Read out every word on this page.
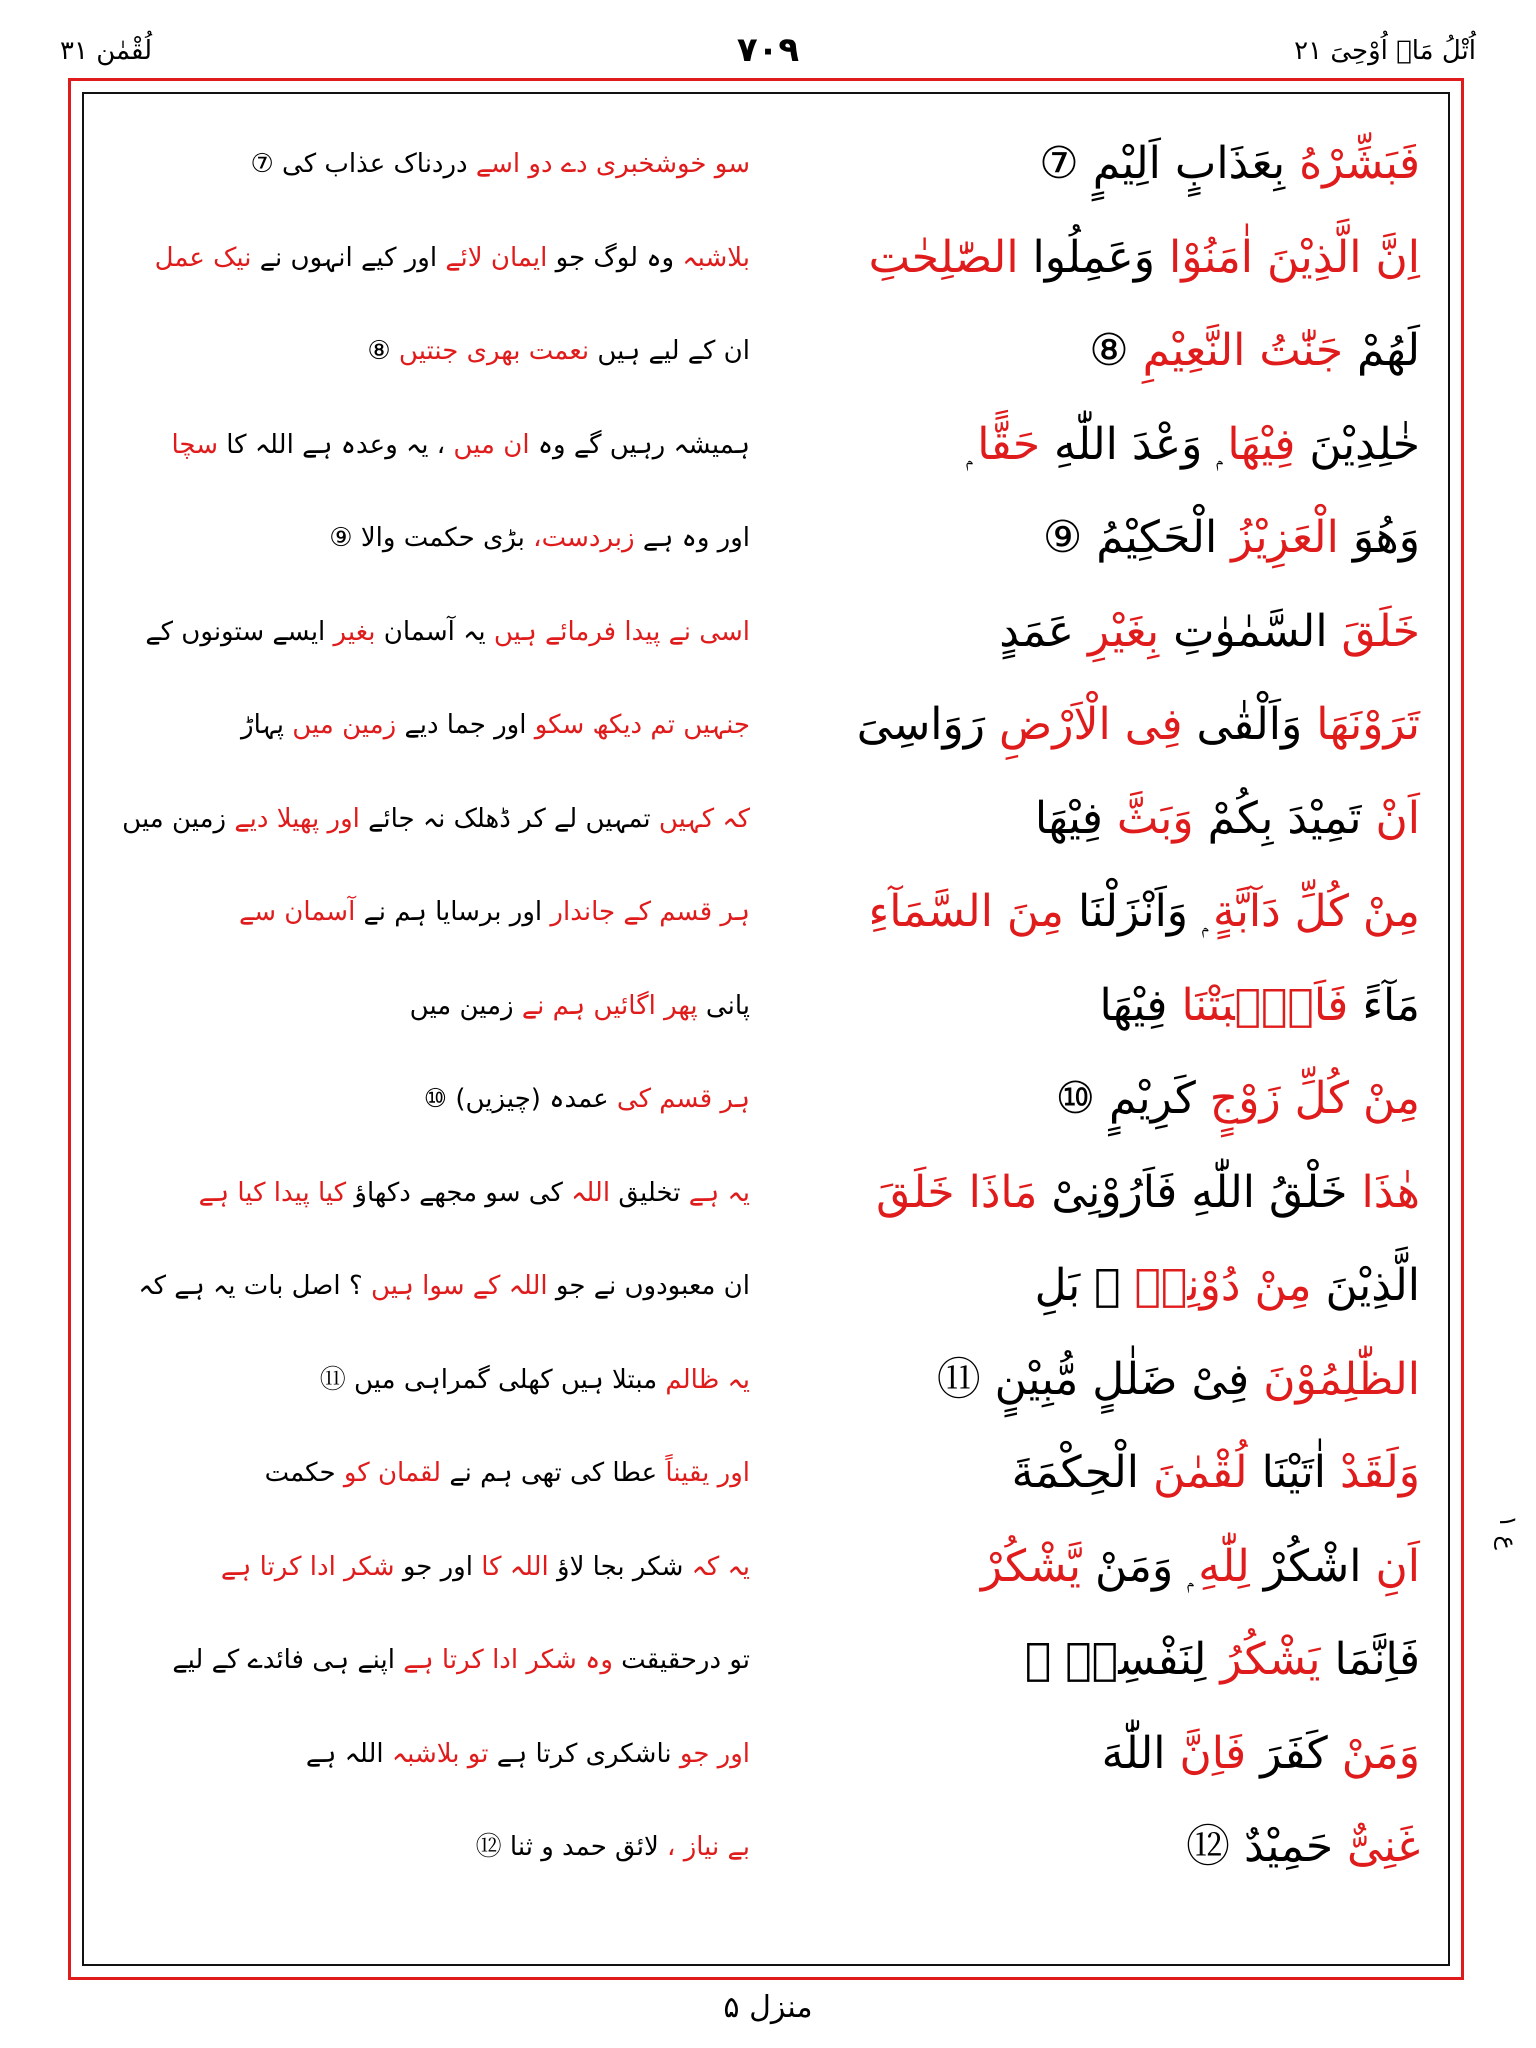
اُتْلُ مَاۤ اُوْحِیَ ۲۱
۷۰۹
لُقْمٰن ۳۱
ع ۱
فَبَشِّرْهُ بِعَذَابٍ اَلِیْمٍ ⑦
سو خوشخبری دے دو اسے دردناک عذاب کی ⑦
اِنَّ الَّذِیْنَ اٰمَنُوْا وَعَمِلُوا الصّٰلِحٰتِ
بلاشبہ وہ لوگ جو ایمان لائے اور کیے انہوں نے نیک عمل
لَهُمْ جَنّٰتُ النَّعِیْمِ ⑧
ان کے لیے ہیں نعمت بھری جنتیں ⑧
خٰلِدِیْنَ فِیْهَا ۭ وَعْدَ اللّٰهِ حَقًّا ۭ
ہمیشہ رہیں گے وہ ان میں ، یہ وعدہ ہے اللہ کا سچا
وَهُوَ الْعَزِیْزُ الْحَکِیْمُ ⑨
اور وہ ہے زبردست، بڑی حکمت والا ⑨
خَلَقَ السَّمٰوٰتِ بِغَیْرِ عَمَدٍ
اسی نے پیدا فرمائے ہیں یہ آسمان بغیر ایسے ستونوں کے
تَرَوْنَهَا وَاَلْقٰی فِی الْاَرْضِ رَوَاسِیَ
جنہیں تم دیکھ سکو اور جما دیے زمین میں پہاڑ
اَنْ تَمِیْدَ بِکُمْ وَبَثَّ فِیْهَا
کہ کہیں تمہیں لے کر ڈھلک نہ جائے اور پھیلا دیے زمین میں
مِنْ کُلِّ دَآبَّةٍ ۭ وَاَنْزَلْنَا مِنَ السَّمَآءِ
ہر قسم کے جاندار اور برسایا ہم نے آسمان سے
مَآءً فَاَنْۢبَتْنَا فِیْهَا
پانی پھر اگائیں ہم نے زمین میں
مِنْ کُلِّ زَوْجٍ کَرِیْمٍ ⑩
ہر قسم کی عمدہ (چیزیں) ⑩
هٰذَا خَلْقُ اللّٰهِ فَاَرُوْنِیْ مَاذَا خَلَقَ
یہ ہے تخلیق اللہ کی سو مجھے دکھاؤ کیا پیدا کیا ہے
الَّذِیْنَ مِنْ دُوْنِهٖ ۭ بَلِ
ان معبودوں نے جو اللہ کے سوا ہیں ؟ اصل بات یہ ہے کہ
الظّٰلِمُوْنَ فِیْ ضَلٰلٍ مُّبِیْنٍ ⑪
یہ ظالم مبتلا ہیں کھلی گمراہی میں ⑪
وَلَقَدْ اٰتَیْنَا لُقْمٰنَ الْحِکْمَةَ
اور یقیناً عطا کی تھی ہم نے لقمان کو حکمت
اَنِ اشْکُرْ لِلّٰهِ ۭ وَمَنْ یَّشْکُرْ
یہ کہ شکر بجا لاؤ اللہ کا اور جو شکر ادا کرتا ہے
فَاِنَّمَا یَشْکُرُ لِنَفْسِهٖ ۚ
تو درحقیقت وہ شکر ادا کرتا ہے اپنے ہی فائدے کے لیے
وَمَنْ کَفَرَ فَاِنَّ اللّٰهَ
اور جو ناشکری کرتا ہے تو بلاشبہ اللہ ہے
غَنِیٌّ حَمِیْدٌ ⑫
بے نیاز ، لائق حمد و ثنا ⑫
منزل ۵
